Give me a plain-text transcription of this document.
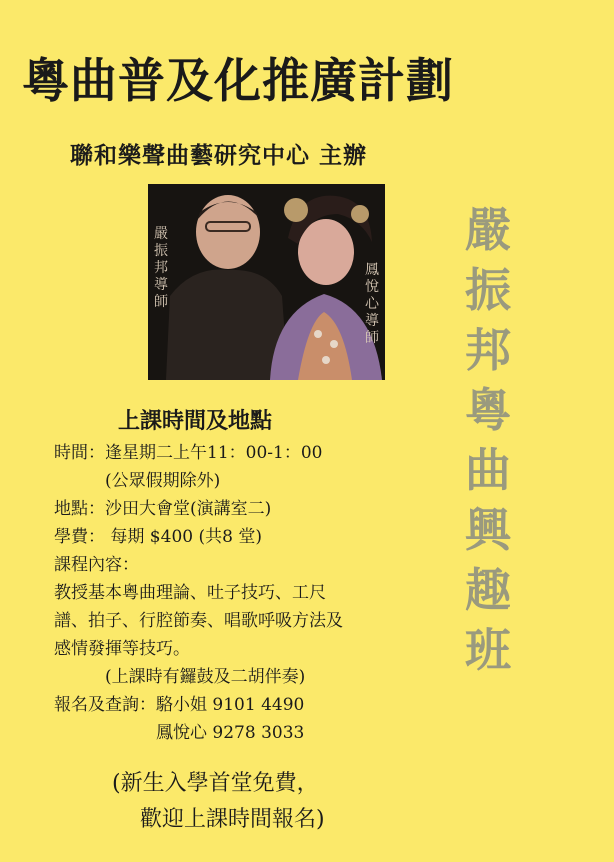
粵曲普及化推廣計劃
聯和樂聲曲藝研究中心 主辦
嚴振邦 導師
鳳悅心 導師
嚴
振
邦
粵
曲
興
趣
班
上課時間及地點
時間：逢星期二上午11：00-1：00
　　　(公眾假期除外)
地點：沙田大會堂(演講室二)
學費： 每期 $400 (共8 堂)
課程內容：
教授基本粵曲理論、吐子技巧、工尺
譜、拍子、行腔節奏、唱歌呼吸方法及
感情發揮等技巧。
　　　(上課時有鑼鼓及二胡伴奏)
報名及查詢：駱小姐 9101 4490
　　　　　　鳳悅心 9278 3033
(新生入學首堂免費，
歡迎上課時間報名)
